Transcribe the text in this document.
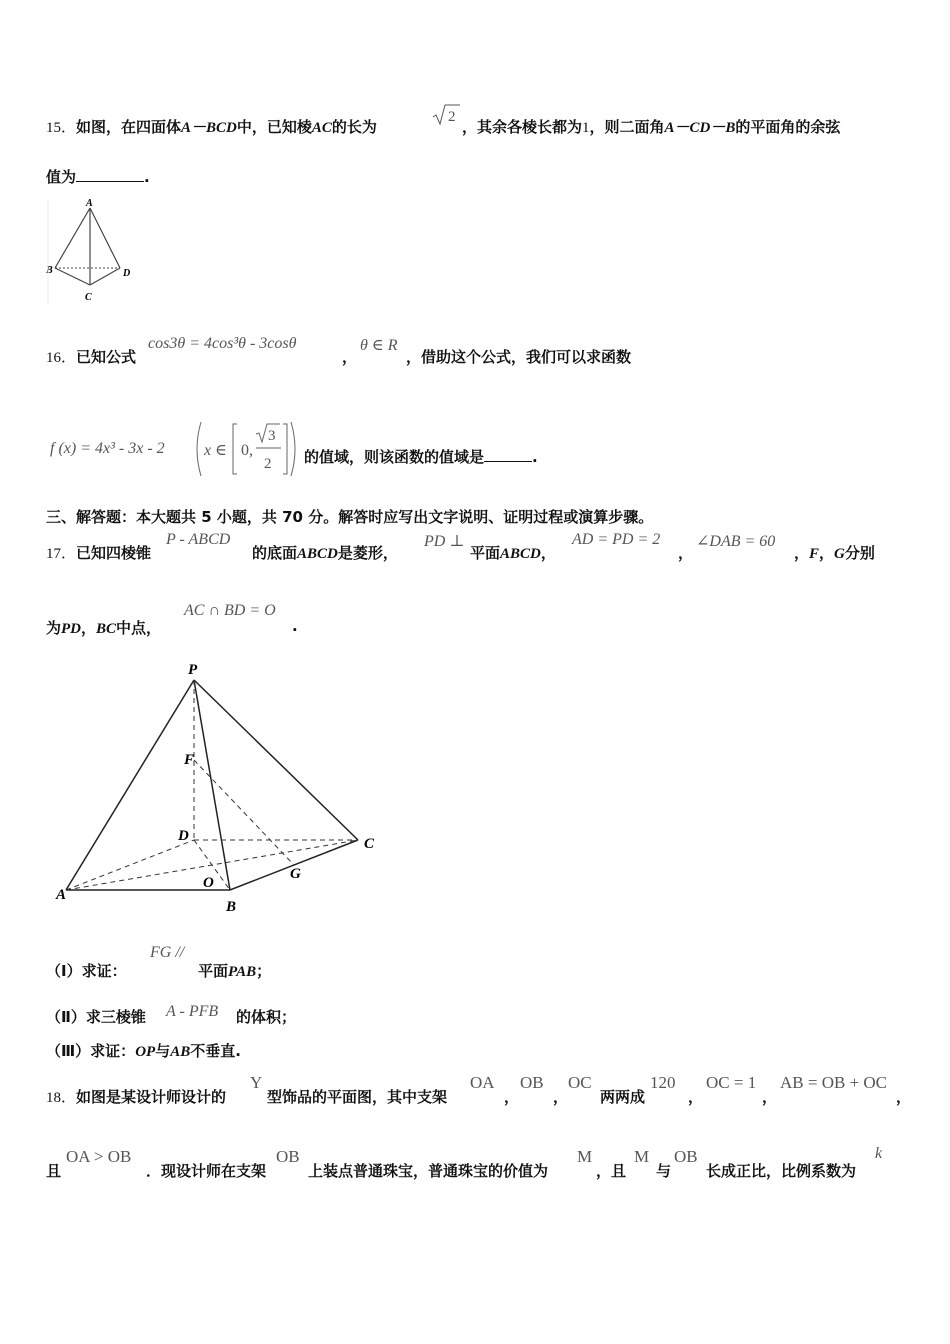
15．如图，在四面体A－BCD中，已知棱AC的长为
2
，其余各棱长都为1，则二面角A－CD－B的平面角的余弦
值为	.
A
B
C
D
16．已知公式
cos3θ = 4cos³θ - 3cosθ
，
θ ∈ R
，借助这个公式，我们可以求函数
f (x) = 4x³ - 3x - 2 x ∈ 0,
3
2 的值域，则该函数的值域是	.
三、解答题：本大题共 5 小题，共 70 分。解答时应写出文字说明、证明过程或演算步骤。
17．已知四棱锥
P - ABCD
的底面ABCD是菱形，
PD ⊥
平面ABCD，
AD = PD = 2
，
∠DAB = 60
，F，G分别
为PD，BC中点，
AC ∩ BD = O
.
P
F
D	C
O
G
A
B
（Ⅰ）求证：
FG //
平面PAB；
（Ⅱ）求三棱锥 A - PFB 的体积；
（Ⅲ）求证：OP与AB不垂直.
18．如图是某设计师设计的
Y
型饰品的平面图，其中支架
OA
，
OB
，
OC
两两成
120
，
OC = 1
，
AB = OB + OC
，
且
OA > OB
．现设计师在支架
OB
上装点普通珠宝，普通珠宝的价值为
M
，且
M
与
OB
长成正比，比例系数为
k
